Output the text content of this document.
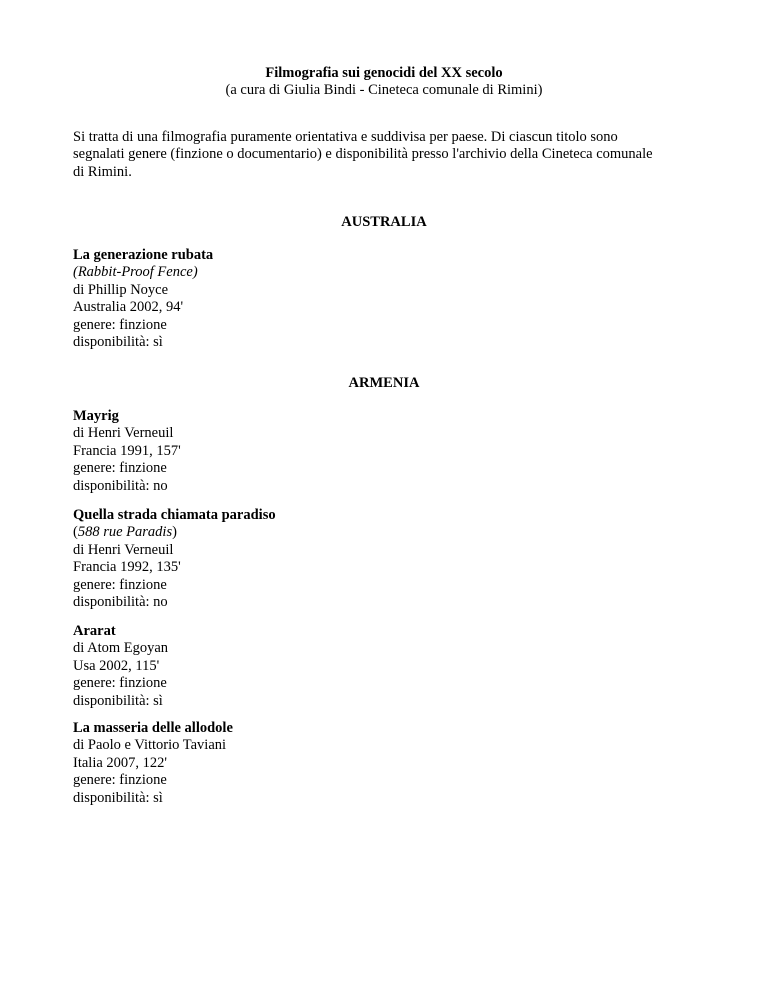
Filmografia sui genocidi del XX secolo
(a cura di Giulia Bindi - Cineteca comunale di Rimini)
Si tratta di una filmografia puramente orientativa e suddivisa per paese. Di ciascun titolo sono
segnalati genere (finzione o documentario) e disponibilità presso l'archivio della Cineteca comunale
di Rimini.
AUSTRALIA
La generazione rubata
(Rabbit-Proof Fence)
di Phillip Noyce
Australia 2002, 94'
genere: finzione
disponibilità: sì
ARMENIA
Mayrig
di Henri Verneuil
Francia 1991, 157'
genere: finzione
disponibilità: no
Quella strada chiamata paradiso
(588 rue Paradis)
di Henri Verneuil
Francia 1992, 135'
genere: finzione
disponibilità: no
Ararat
di Atom Egoyan
Usa 2002, 115'
genere: finzione
disponibilità: sì
La masseria delle allodole
di Paolo e Vittorio Taviani
Italia 2007, 122'
genere: finzione
disponibilità: sì
